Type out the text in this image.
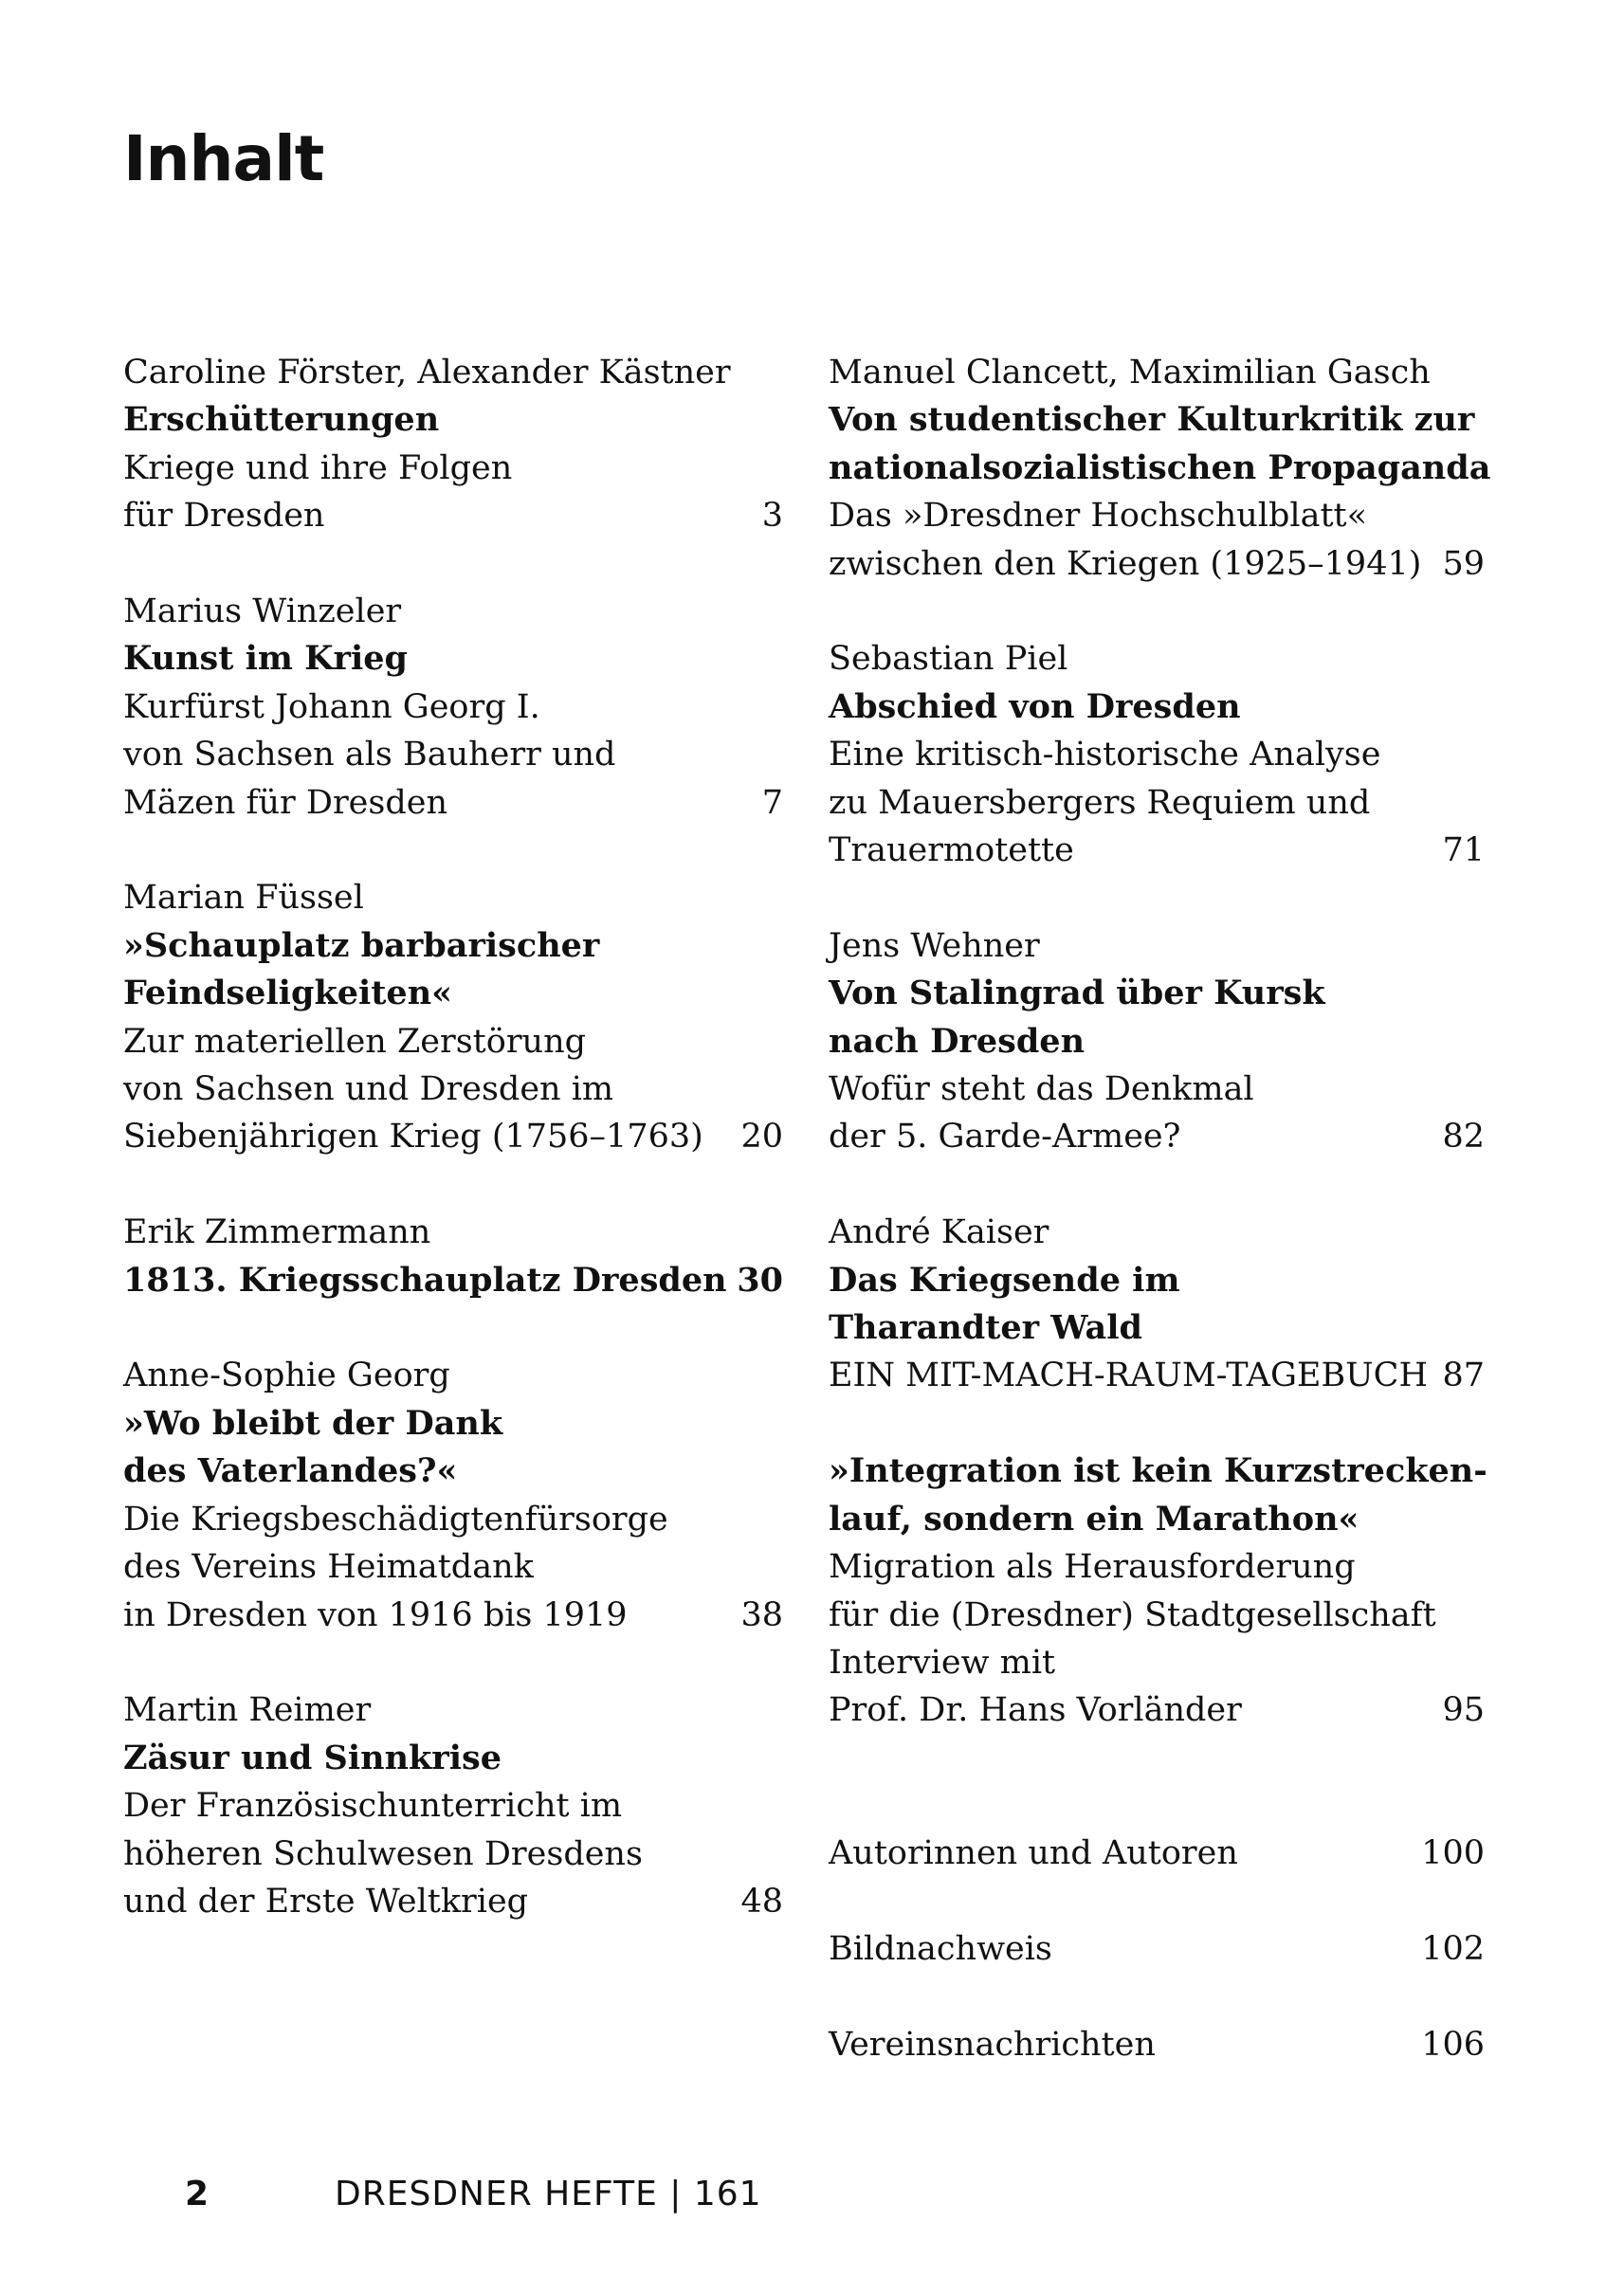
Inhalt
Caroline Förster, Alexander Kästner
Erschütterungen
Kriege und ihre Folgen
für Dresden	3
Marius Winzeler
Kunst im Krieg
Kurfürst Johann Georg I.
von Sachsen als Bauherr und
Mäzen für Dresden	7
Marian Füssel
»Schauplatz barbarischer
Feindseligkeiten«
Zur materiellen Zerstörung
von Sachsen und Dresden im
Siebenjährigen Krieg (1756–1763) 20
Erik Zimmermann
1813. Kriegsschauplatz Dresden 30
Anne-Sophie Georg
»Wo bleibt der Dank
des Vaterlandes?«
Die Kriegsbeschädigtenfürsorge
des Vereins Heimatdank
in Dresden von 1916 bis 1919	38
Martin Reimer
Zäsur und Sinnkrise
Der Französischunterricht im
höheren Schulwesen Dresdens
und der Erste Weltkrieg	48
Manuel Clancett, Maximilian Gasch
Von studentischer Kulturkritik zur
nationalsozialistischen Propaganda
Das »Dresdner Hochschulblatt«
zwischen den Kriegen (1925–1941) 59
Sebastian Piel
Abschied von Dresden
Eine kritisch-historische Analyse
zu Mauersbergers Requiem und
Trauermotette	71
Jens Wehner
Von Stalingrad über Kursk
nach Dresden
Wofür steht das Denkmal
der 5. Garde-Armee?	82
André Kaiser
Das Kriegsende im
Tharandter Wald
EIN MIT-MACH-RAUM-TAGEBUCH 87
»Integration ist kein Kurzstrecken-
lauf, sondern ein Marathon«
Migration als Herausforderung
für die (Dresdner) Stadtgesellschaft
Interview mit
Prof. Dr. Hans Vorländer	95
Autorinnen und Autoren	100
Bildnachweis	102
Vereinsnachrichten	106
2	DRESDNER HEFTE | 161
